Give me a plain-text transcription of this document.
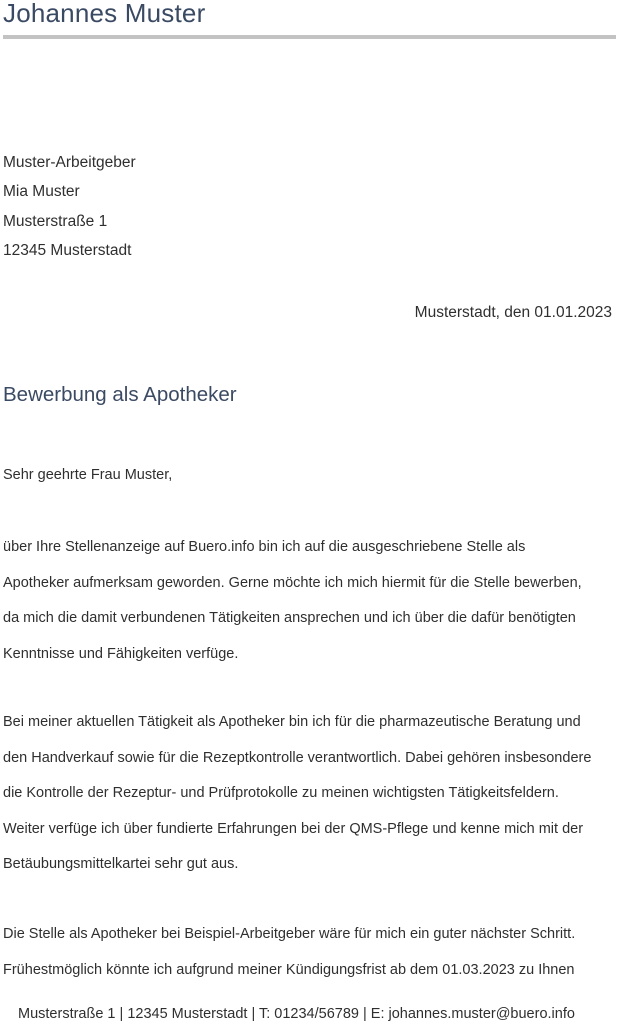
Johannes Muster
Muster-Arbeitgeber
Mia Muster
Musterstraße 1
12345 Musterstadt
Musterstadt, den 01.01.2023
Bewerbung als Apotheker
Sehr geehrte Frau Muster,
über Ihre Stellenanzeige auf Buero.info bin ich auf die ausgeschriebene Stelle als
Apotheker aufmerksam geworden. Gerne möchte ich mich hiermit für die Stelle bewerben,
da mich die damit verbundenen Tätigkeiten ansprechen und ich über die dafür benötigten
Kenntnisse und Fähigkeiten verfüge.
Bei meiner aktuellen Tätigkeit als Apotheker bin ich für die pharmazeutische Beratung und
den Handverkauf sowie für die Rezeptkontrolle verantwortlich. Dabei gehören insbesondere
die Kontrolle der Rezeptur- und Prüfprotokolle zu meinen wichtigsten Tätigkeitsfeldern.
Weiter verfüge ich über fundierte Erfahrungen bei der QMS-Pflege und kenne mich mit der
Betäubungsmittelkartei sehr gut aus.
Die Stelle als Apotheker bei Beispiel-Arbeitgeber wäre für mich ein guter nächster Schritt.
Frühestmöglich könnte ich aufgrund meiner Kündigungsfrist ab dem 01.03.2023 zu Ihnen
Musterstraße 1 | 12345 Musterstadt | T: 01234/56789 | E: johannes.muster@buero.info
